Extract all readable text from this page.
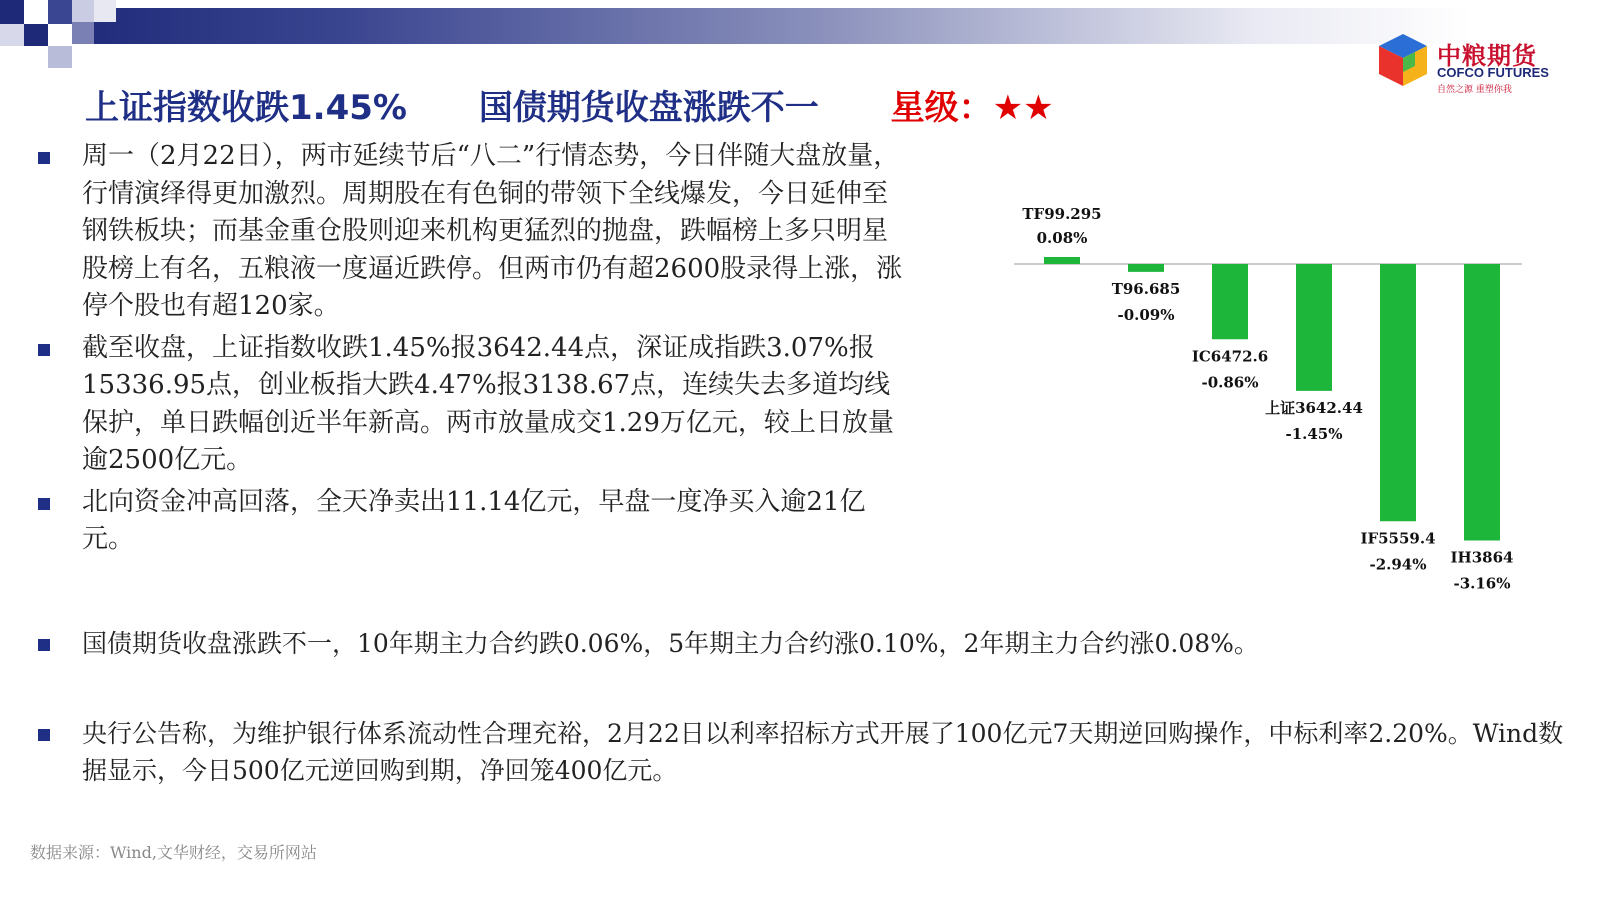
中粮期货
COFCO FUTURES
自然之源 重塑你我
上证指数收跌1.45% 国债期货收盘涨跌不一 星级：★★
周一（2月22日），两市延续节后“八二”行情态势，今日伴随大盘放量，行情演绎得更加激烈。周期股在有色铜的带领下全线爆发，今日延伸至钢铁板块；而基金重仓股则迎来机构更猛烈的抛盘，跌幅榜上多只明星股榜上有名，五粮液一度逼近跌停。但两市仍有超2600股录得上涨，涨停个股也有超120家。
截至收盘，上证指数收跌1.45%报3642.44点，深证成指跌3.07%报15336.95点，创业板指大跌4.47%报3138.67点，连续失去多道均线保护，单日跌幅创近半年新高。两市放量成交1.29万亿元，较上日放量逾2500亿元。
北向资金冲高回落，全天净卖出11.14亿元，早盘一度净买入逾21亿元。
国债期货收盘涨跌不一，10年期主力合约跌0.06%，5年期主力合约涨0.10%，2年期主力合约涨0.08%。
央行公告称，为维护银行体系流动性合理充裕，2月22日以利率招标方式开展了100亿元7天期逆回购操作，中标利率2.20%。Wind数据显示，今日500亿元逆回购到期，净回笼400亿元。
数据来源：Wind,文华财经，交易所网站
TF99.295
0.08%
T96.685
-0.09%
IC6472.6
-0.86%
上证3642.44
-1.45%
IF5559.4
-2.94% IH3864
-3.16%
